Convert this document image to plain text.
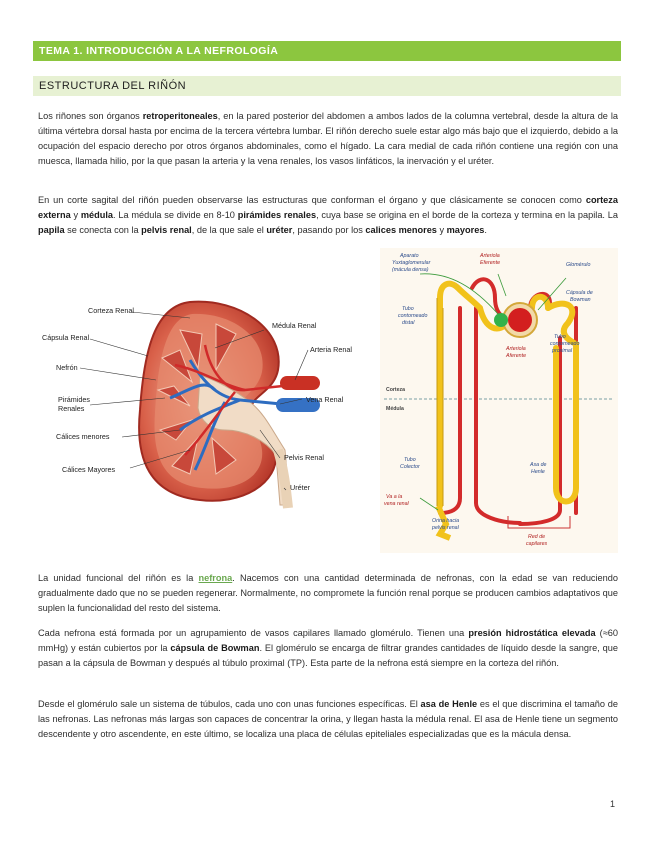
TEMA 1. INTRODUCCIÓN A LA NEFROLOGÍA
ESTRUCTURA DEL RIÑÓN
Los riñones son órganos retroperitoneales, en la pared posterior del abdomen a ambos lados de la columna vertebral, desde la altura de la última vértebra dorsal hasta por encima de la tercera vértebra lumbar. El riñón derecho suele estar algo más bajo que el izquierdo, debido a la ocupación del espacio derecho por otros órganos abdominales, como el hígado. La cara medial de cada riñón contiene una región con una muesca, llamada hilio, por la que pasan la arteria y la vena renales, los vasos linfáticos, la inervación y el uréter.
En un corte sagital del riñón pueden observarse las estructuras que conforman el órgano y que clásicamente se conocen como corteza externa y médula. La médula se divide en 8-10 pirámides renales, cuya base se origina en el borde de la corteza y termina en la papila. La papila se conecta con la pelvis renal, de la que sale el uréter, pasando por los calices menores y mayores.
Corteza Renal
Cápsula Renal
Nefrón
Pirámides
Renales
Cálices menores
Cálices Mayores
Médula Renal
Arteria Renal
Vena Renal
Pelvis Renal
Uréter
Corteza
Médula
Aparato
Yuxtaglomerular
(mácula densa)
Tubo
contorneado
distal
Glomérulo
Cápsula de
Bowman
Tubo
contorneado
proximal
Tubo
Colector	Asa de
Henle
Orina hacia
pelvis renal
Arteriola
Eferente
Arteriola
Aferente
Va a la
vena renal
Red de
capilares
La unidad funcional del riñón es la nefrona. Nacemos con una cantidad determinada de nefronas, con la edad se van reduciendo gradualmente dado que no se pueden regenerar. Normalmente, no compromete la función renal porque se producen cambios adaptativos que suplen la funcionalidad del resto del sistema.
Cada nefrona está formada por un agrupamiento de vasos capilares llamado glomérulo. Tienen una presión hidrostática elevada (≈60 mmHg) y están cubiertos por la cápsula de Bowman. El glomérulo se encarga de filtrar grandes cantidades de líquido desde la sangre, que pasan a la cápsula de Bowman y después al túbulo proximal (TP). Esta parte de la nefrona está siempre en la corteza del riñón.
Desde el glomérulo sale un sistema de túbulos, cada uno con unas funciones específicas. El asa de Henle es el que discrimina el tamaño de las nefronas. Las nefronas más largas son capaces de concentrar la orina, y llegan hasta la médula renal. El asa de Henle tiene un segmento descendente y otro ascendente, en este último, se localiza una placa de células epiteliales especializadas que es la mácula densa.
1
